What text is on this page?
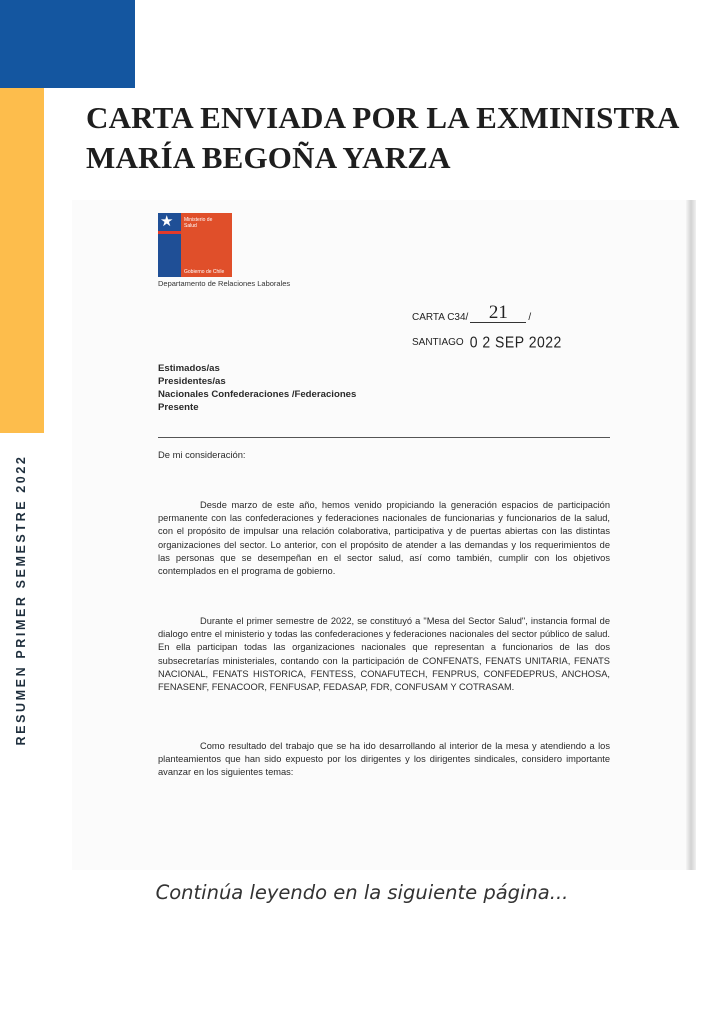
RESUMEN PRIMER SEMESTRE 2022
CARTA ENVIADA POR LA EXMINISTRA
MARÍA BEGOÑA YARZA
★ Ministerio de
Salud
Gobierno de Chile
Departamento de Relaciones Laborales
CARTA C34/	21	/
SANTIAGO 0 2 SEP 2022
Estimados/as
Presidentes/as
Nacionales Confederaciones /Federaciones
Presente
De mi consideración:

Desde marzo de este año, hemos venido propiciando la generación espacios de participación permanente con las confederaciones y federaciones nacionales de funcionarias y funcionarios de la salud, con el propósito de impulsar una relación colaborativa, participativa y de puertas abiertas con las distintas organizaciones del sector. Lo anterior, con el propósito de atender a las demandas y los requerimientos de las personas que se desempeñan en el sector salud, así como también, cumplir con los objetivos contemplados en el programa de gobierno.

Durante el primer semestre de 2022, se constituyó a "Mesa del Sector Salud", instancia formal de dialogo entre el ministerio y todas las confederaciones y federaciones nacionales del sector público de salud. En ella participan todas las organizaciones nacionales que representan a funcionarios de las dos subsecretarías ministeriales, contando con la participación de CONFENATS, FENATS UNITARIA, FENATS NACIONAL, FENATS HISTORICA, FENTESS, CONAFUTECH, FENPRUS, CONFEDEPRUS, ANCHOSA, FENASENF, FENACOOR, FENFUSAP, FEDASAP, FDR, CONFUSAM Y COTRASAM.

Como resultado del trabajo que se ha ido desarrollando al interior de la mesa y atendiendo a los planteamientos que han sido expuesto por los dirigentes y los dirigentes sindicales, considero importante avanzar en los siguientes temas:

Continúa leyendo en la siguiente página...
